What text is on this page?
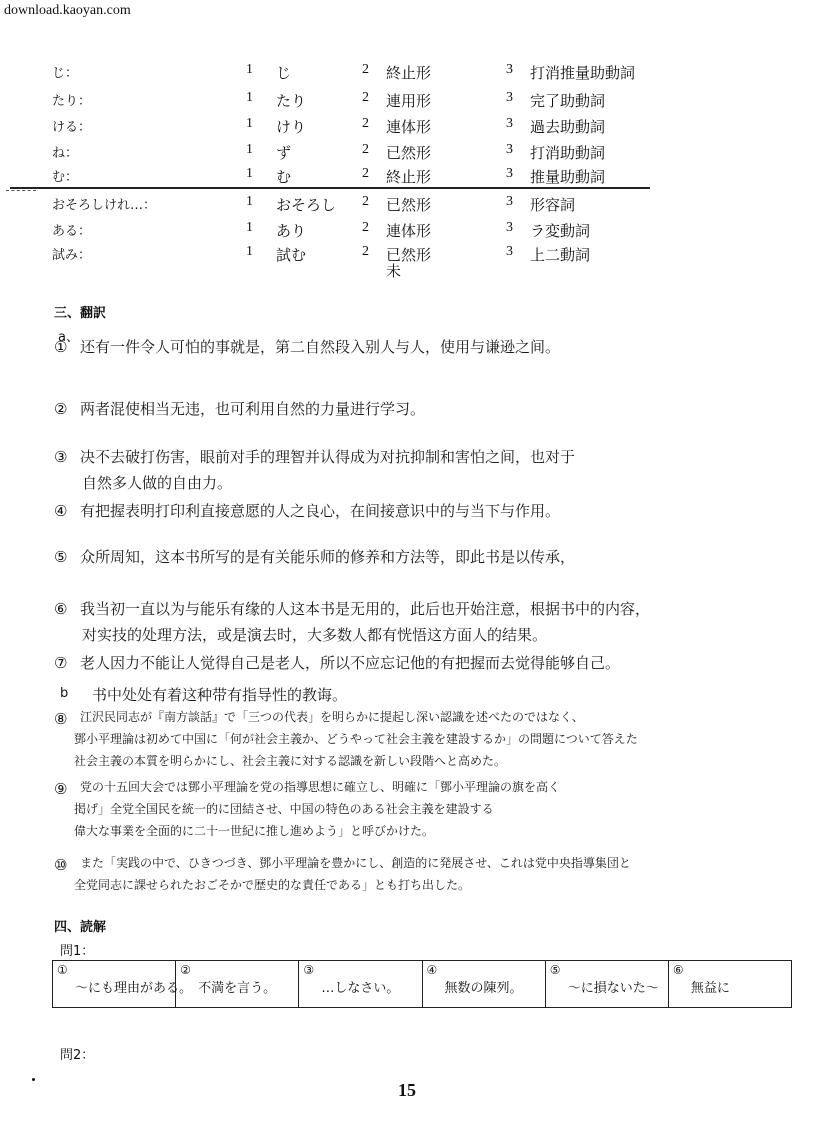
download.kaoyan.com
じ：	1 じ	2 終止形	3 打消推量助動詞
たり：	1 たり	2 連用形	3 完了助動詞
ける：	1 けり	2 連体形	3 過去助動詞
ね：	1 ず	2 已然形	3 打消助動詞
む：	1 む	2 終止形	3 推量助動詞
おそろしけれ…：	1 おそろし 2 已然形	3 形容詞
ある：	1 あり	2 連体形	3 ラ変動詞
試み：	1 試む	2 已然形	3 上二動詞
未
三、翻訳
a、
b
① 还有一件令人可怕的事就是，第二自然段入别人与人，使用与谦逊之间。
② 两者混使相当无违，也可利用自然的力量进行学习。
③ 决不去破打伤害，眼前对手的理智并认得成为对抗抑制和害怕之间，也对于
自然多人做的自由力。
④ 有把握表明打印利直接意愿的人之良心，在间接意识中的与当下与作用。
⑤ 众所周知，这本书所写的是有关能乐师的修养和方法等，即此书是以传承，
⑥ 我当初一直以为与能乐有缘的人这本书是无用的，此后也开始注意，根据书中的内容，
对实技的处理方法，或是演去时，大多数人都有恍悟这方面人的结果。
⑦ 老人因力不能让人觉得自己是老人，所以不应忘记他的有把握而去觉得能够自己。
书中处处有着这种带有指导性的教诲。
⑧ 江沢民同志が『南方談話』で「三つの代表」を明らかに提起し深い認識を述べたのではなく、
鄧小平理論は初めて中国に「何が社会主義か、どうやって社会主義を建設するか」の問題について答えた
社会主義の本質を明らかにし、社会主義に対する認識を新しい段階へと高めた。
⑨ 党の十五回大会では鄧小平理論を党の指導思想に確立し、明確に「鄧小平理論の旗を高く
掲げ」全党全国民を統一的に団結させ、中国の特色のある社会主義を建設する
偉大な事業を全面的に二十一世紀に推し進めよう」と呼びかけた。
⑩ また「実践の中で、ひきつづき、鄧小平理論を豊かにし、創造的に発展させ、これは党中央指導集団と
全党同志に課せられたおごそかで歴史的な責任である」とも打ち出した。
四、読解
問1：
①
～にも理由がある。
②
不満を言う。
③
…しなさい。
④
無数の陳列。
⑤
～に損ないた～
⑥
無益に
問2：
15
